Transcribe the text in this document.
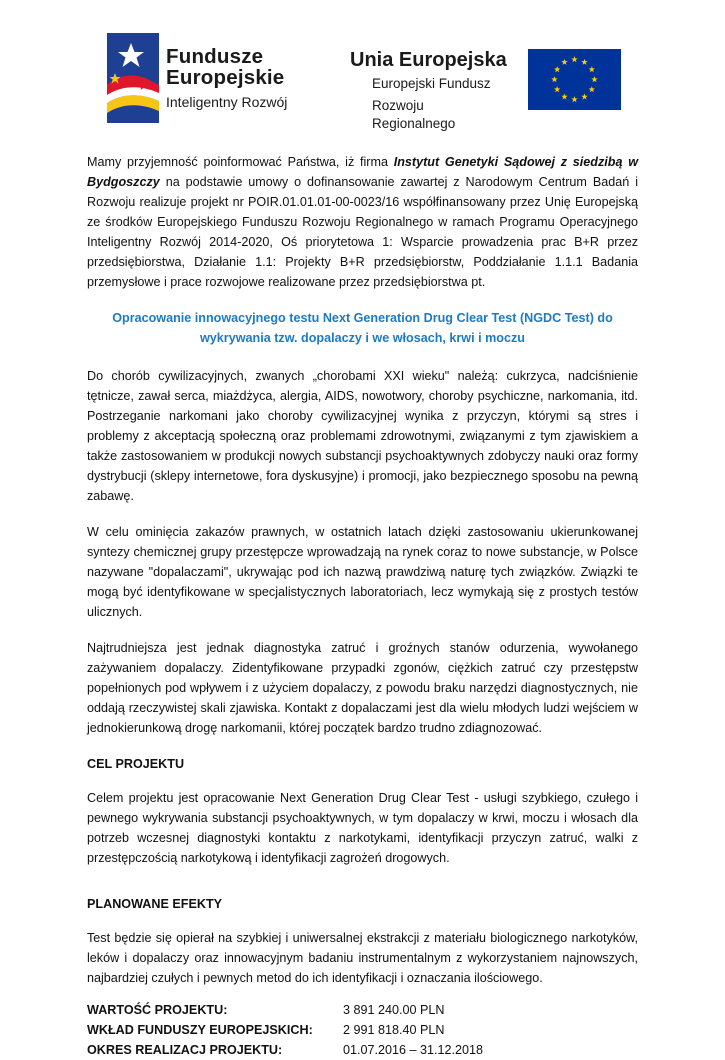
Fundusze
Europejskie
Inteligentny Rozwój
Unia Europejska
Europejski Fundusz
Rozwoju Regionalnego

Mamy przyjemność poinformować Państwa, iż firma Instytut Genetyki Sądowej z siedzibą w Bydgoszczy na podstawie umowy o dofinansowanie zawartej z Narodowym Centrum Badań i Rozwoju realizuje projekt nr POIR.01.01.01-00-0023/16 współfinansowany przez Unię Europejską ze środków Europejskiego Funduszu Rozwoju Regionalnego w ramach Programu Operacyjnego Inteligentny Rozwój 2014-2020, Oś priorytetowa 1: Wsparcie prowadzenia prac B+R przez przedsiębiorstwa, Działanie 1.1: Projekty B+R przedsiębiorstw, Poddziałanie 1.1.1 Badania przemysłowe i prace rozwojowe realizowane przez przedsiębiorstwa pt.

Opracowanie innowacyjnego testu Next Generation Drug Clear Test (NGDC Test) do wykrywania tzw. dopalaczy i we włosach, krwi i moczu

Do chorób cywilizacyjnych, zwanych „chorobami XXI wieku" należą: cukrzyca, nadciśnienie tętnicze, zawał serca, miażdżyca, alergia, AIDS, nowotwory, choroby psychiczne, narkomania, itd. Postrzeganie narkomani jako choroby cywilizacyjnej wynika z przyczyn, którymi są stres i problemy z akceptacją społeczną oraz problemami zdrowotnymi, związanymi z tym zjawiskiem a także zastosowaniem w produkcji nowych substancji psychoaktywnych zdobyczy nauki oraz formy dystrybucji (sklepy internetowe, fora dyskusyjne) i promocji, jako bezpiecznego sposobu na pewną zabawę.

W celu ominięcia zakazów prawnych, w ostatnich latach dzięki zastosowaniu ukierunkowanej syntezy chemicznej grupy przestępcze wprowadzają na rynek coraz to nowe substancje, w Polsce nazywane "dopalaczami", ukrywając pod ich nazwą prawdziwą naturę tych związków. Związki te mogą być identyfikowane w specjalistycznych laboratoriach, lecz wymykają się z prostych testów ulicznych.

Najtrudniejsza jest jednak diagnostyka zatruć i groźnych stanów odurzenia, wywołanego zażywaniem dopalaczy. Zidentyfikowane przypadki zgonów, ciężkich zatruć czy przestępstw popełnionych pod wpływem i z użyciem dopalaczy, z powodu braku narzędzi diagnostycznych, nie oddają rzeczywistej skali zjawiska. Kontakt z dopalaczami jest dla wielu młodych ludzi wejściem w jednokierunkową drogę narkomanii, której początek bardzo trudno zdiagnozować.

CEL PROJEKTU

Celem projektu jest opracowanie Next Generation Drug Clear Test - usługi szybkiego, czułego i pewnego wykrywania substancji psychoaktywnych, w tym dopalaczy w krwi, moczu i włosach dla potrzeb wczesnej diagnostyki kontaktu z narkotykami, identyfikacji przyczyn zatruć, walki z przestępczością narkotykową i identyfikacji zagrożeń drogowych.

PLANOWANE EFEKTY

Test będzie się opierał na szybkiej i uniwersalnej ekstrakcji z materiału biologicznego narkotyków, leków i dopalaczy oraz innowacyjnym badaniu instrumentalnym z wykorzystaniem najnowszych, najbardziej czułych i pewnych metod do ich identyfikacji i oznaczania ilościowego.

WARTOŚĆ PROJEKTU:	3 891 240.00 PLN
WKŁAD FUNDUSZY EUROPEJSKICH:	2 991 818.40 PLN
OKRES REALIZACJ PROJEKTU:	01.07.2016 – 31.12.2018
